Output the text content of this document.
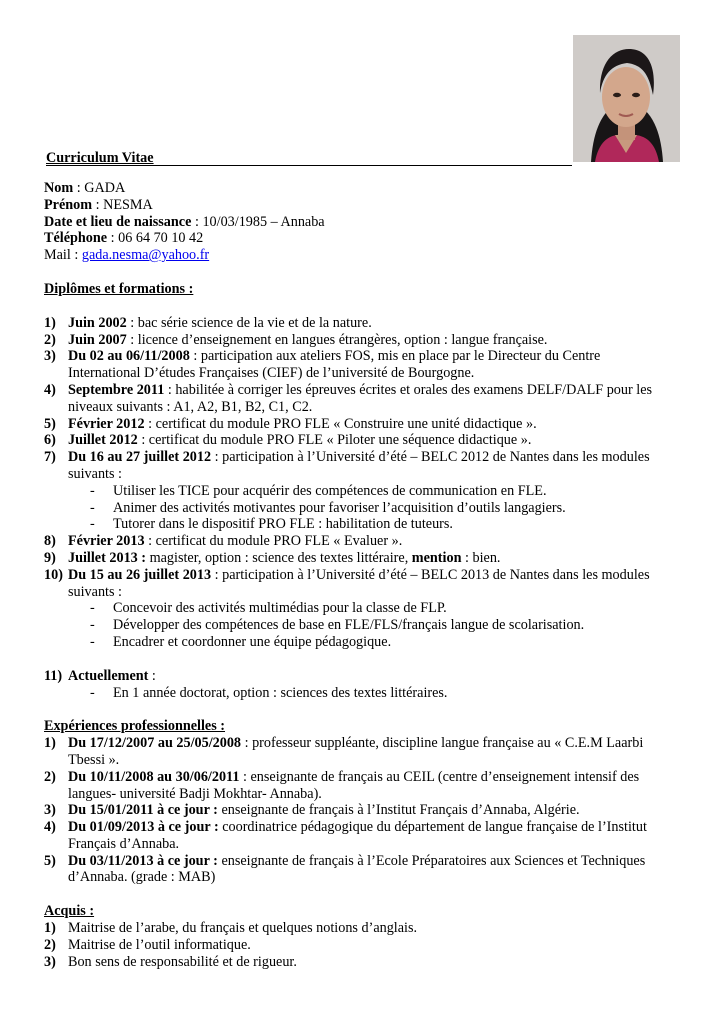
Curriculum Vitae
Nom : GADA
Prénom : NESMA
Date et lieu de naissance : 10/03/1985 – Annaba
Téléphone : 06 64 70 10 42
Mail : gada.nesma@yahoo.fr
Diplômes et formations :
1) Juin 2002 : bac série science de la vie et de la nature.
2) Juin 2007 : licence d’enseignement en langues étrangères, option : langue française.
3) Du 02 au 06/11/2008 : participation aux ateliers FOS, mis en place par le Directeur du Centre
International D’études Françaises (CIEF) de l’université de Bourgogne.
4) Septembre 2011 : habilitée à corriger les épreuves écrites et orales des examens DELF/DALF pour les
niveaux suivants : A1, A2, B1, B2, C1, C2.
5) Février 2012 : certificat du module PRO FLE « Construire une unité didactique ».
6) Juillet 2012 : certificat du module PRO FLE « Piloter une séquence didactique ».
7) Du 16 au 27 juillet 2012 : participation à l’Université d’été – BELC 2012 de Nantes dans les modules
suivants :
- Utiliser les TICE pour acquérir des compétences de communication en FLE.
- Animer des activités motivantes pour favoriser l’acquisition d’outils langagiers.
- Tutorer dans le dispositif PRO FLE : habilitation de tuteurs.
8) Février 2013 : certificat du module PRO FLE « Evaluer ».
9) Juillet 2013 : magister, option : science des textes littéraire, mention : bien.
10) Du 15 au 26 juillet 2013 : participation à l’Université d’été – BELC 2013 de Nantes dans les modules
suivants :
- Concevoir des activités multimédias pour la classe de FLP.
- Développer des compétences de base en FLE/FLS/français langue de scolarisation.
- Encadrer et coordonner une équipe pédagogique.
11) Actuellement :
- En 1 année doctorat, option : sciences des textes littéraires.
Expériences professionnelles :
1) Du 17/12/2007 au 25/05/2008 : professeur suppléante, discipline langue française au « C.E.M Laarbi
Tbessi ».
2) Du 10/11/2008 au 30/06/2011 : enseignante de français au CEIL (centre d’enseignement intensif des
langues- université Badji Mokhtar- Annaba).
3) Du 15/01/2011 à ce jour : enseignante de français à l’Institut Français d’Annaba, Algérie.
4) Du 01/09/2013 à ce jour : coordinatrice pédagogique du département de langue française de l’Institut
Français d’Annaba.
5) Du 03/11/2013 à ce jour : enseignante de français à l’Ecole Préparatoires aux Sciences et Techniques
d’Annaba. (grade : MAB)
Acquis :
1) Maitrise de l’arabe, du français et quelques notions d’anglais.
2) Maitrise de l’outil informatique.
3) Bon sens de responsabilité et de rigueur.
